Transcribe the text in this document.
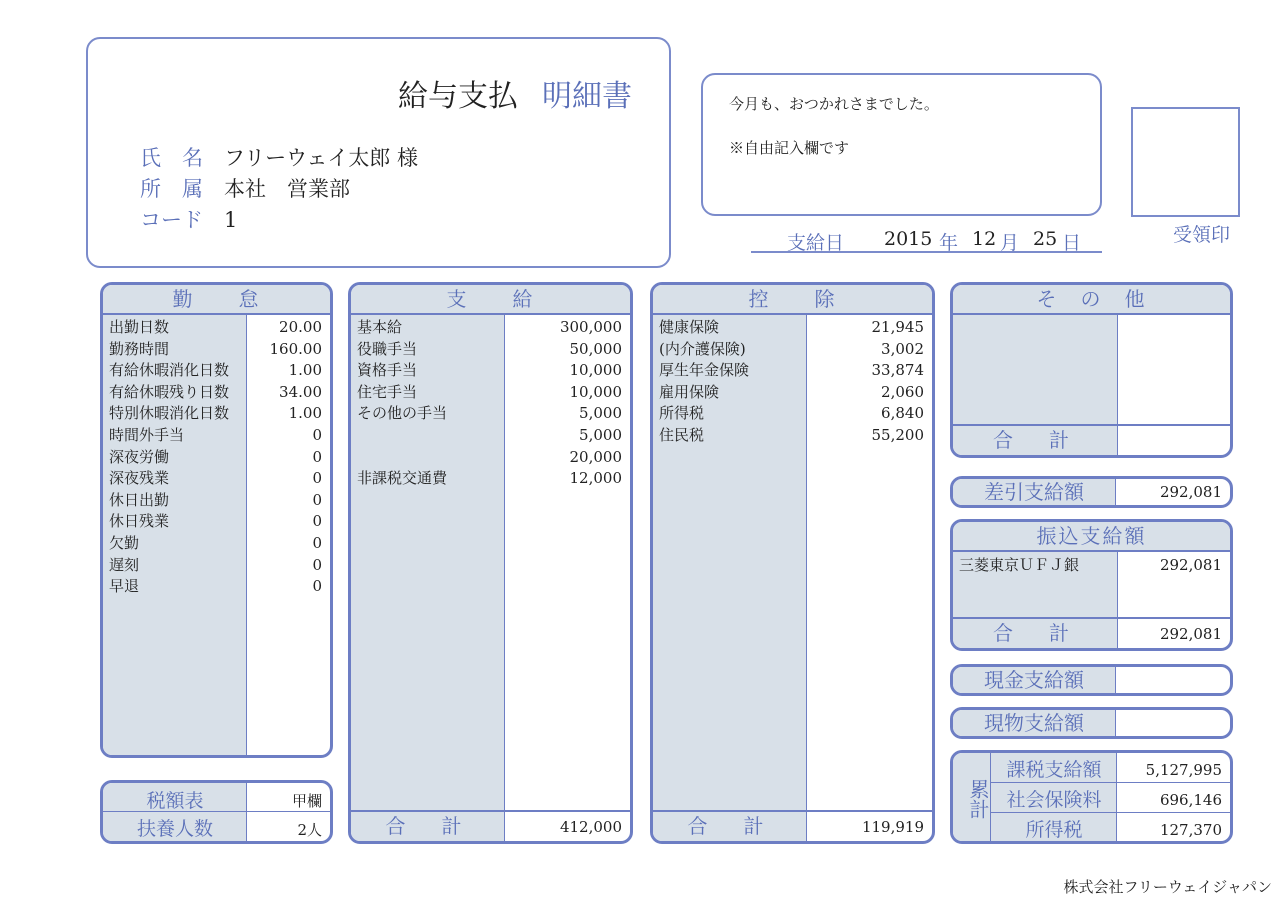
給与支払 明細書
氏　名 フリーウェイ太郎 様
所　属 本社　営業部
コード 1
今月も、おつかれさまでした。
※自由記入欄です
支給日 2015 年 12 月 25 日	受領印
勤　　怠
出勤日数	20.00
勤務時間	160.00
有給休暇消化日数	1.00
有給休暇残り日数	34.00
特別休暇消化日数	1.00
時間外手当	0
深夜労働	0
深夜残業	0
休日出勤	0
休日残業	0
欠勤	0
遅刻	0
早退	0
税額表	甲欄
扶養人数	2人
支　　給
基本給	300,000
役職手当	50,000
資格手当	10,000
住宅手当	10,000
その他の手当	5,000
5,000
20,000
非課税交通費	12,000
合　計	412,000
控　　除
健康保険	21,945
(内介護保険)	3,002
厚生年金保険	33,874
雇用保険	2,060
所得税	6,840
住民税	55,200
合　計	119,919
そ　の　他
合　計
差引支給額	292,081
振込支給額
三菱東京ＵＦＪ銀	292,081
合　計	292,081
現金支給額
現物支給額
累計
課税支給額	5,127,995
社会保険料	696,146
所得税	127,370
株式会社フリーウェイジャパン
